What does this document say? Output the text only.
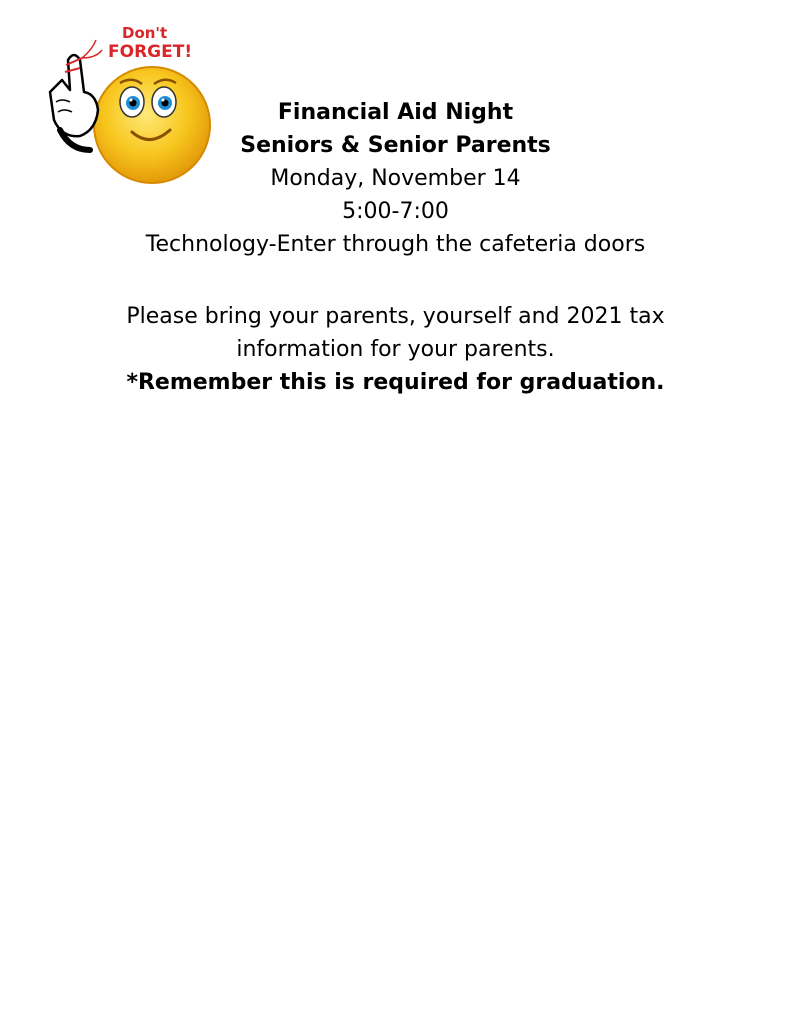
Don't
FORGET!
Financial Aid Night
Seniors & Senior Parents
Monday, November 14
5:00-7:00
Technology-Enter through the cafeteria doors
Please bring your parents, yourself and 2021 tax
information for your parents.
*Remember this is required for graduation.
